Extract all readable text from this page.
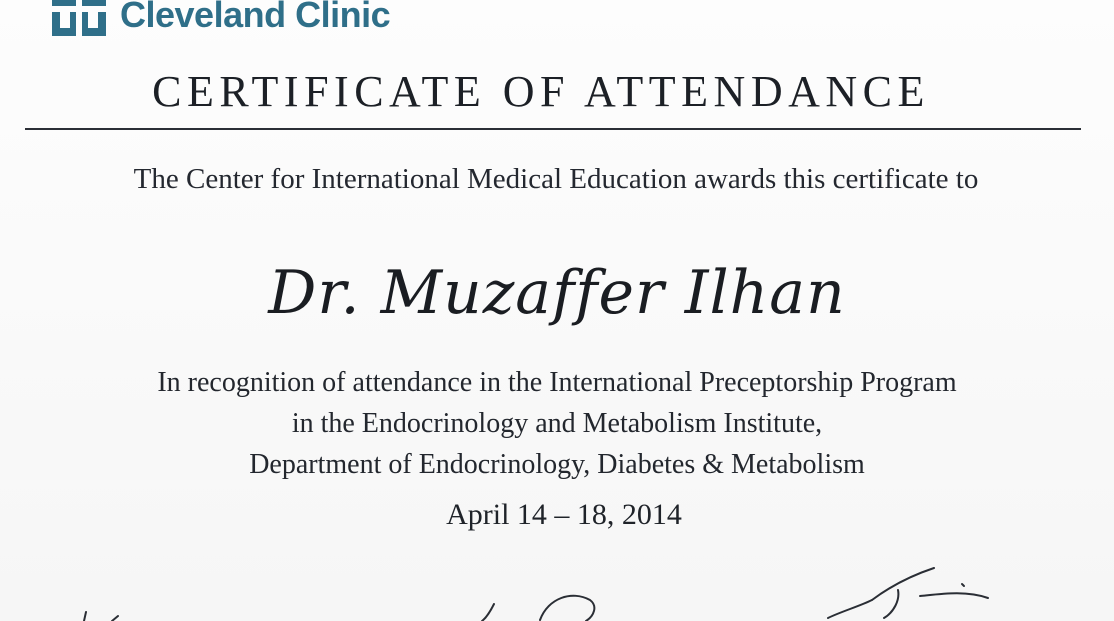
Cleveland Clinic
CERTIFICATE OF ATTENDANCE
The Center for International Medical Education awards this certificate to
Dr. Muzaffer Ilhan
In recognition of attendance in the International Preceptorship Program
in the Endocrinology and Metabolism Institute,
Department of Endocrinology, Diabetes & Metabolism
April 14 – 18, 2014
